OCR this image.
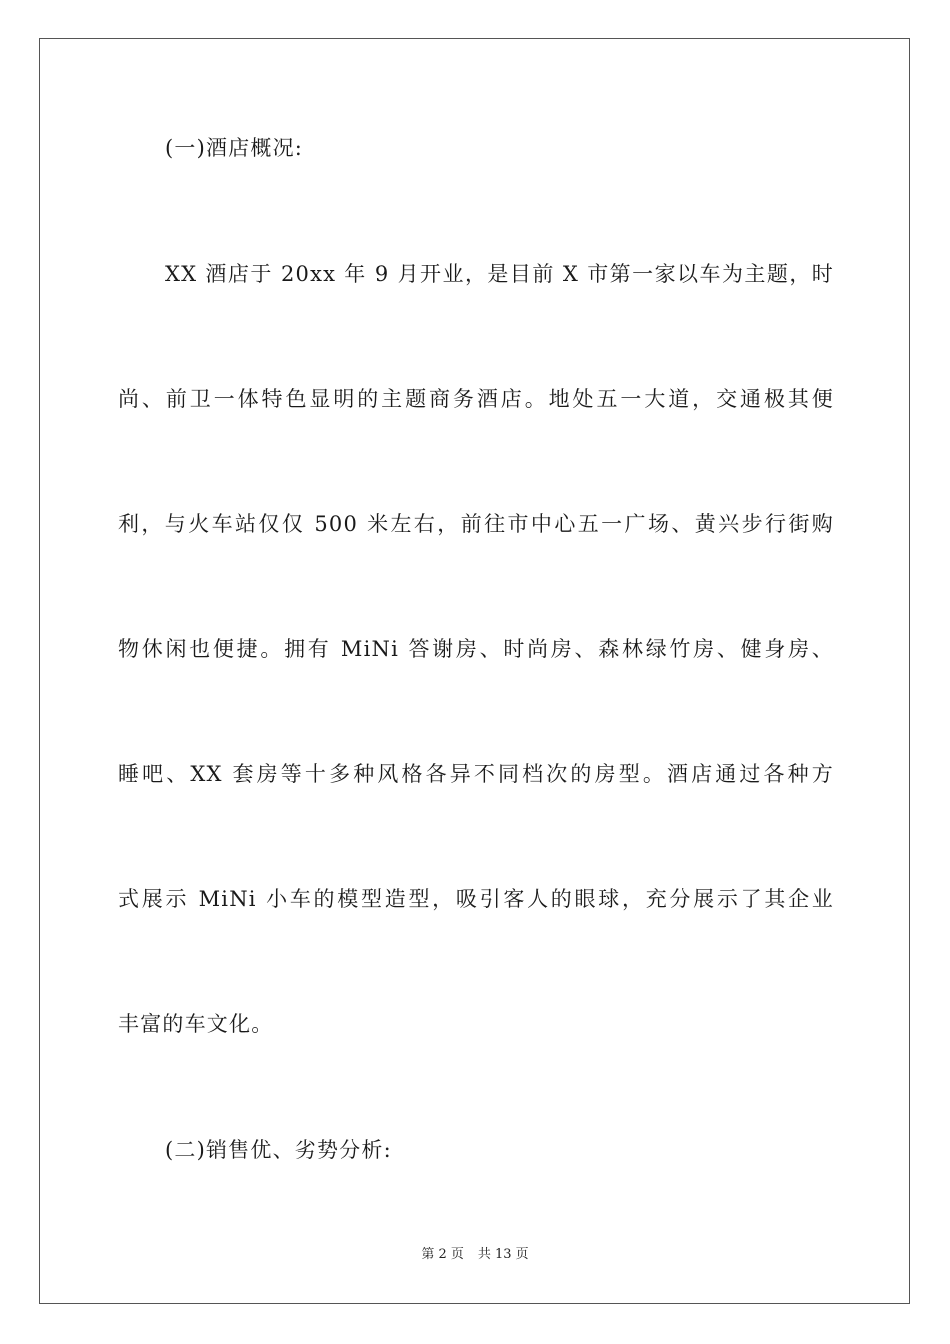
(一)酒店概况:
XX 酒店于 20xx 年 9 月开业，是目前 X 市第一家以车为主题，时
尚、前卫一体特色显明的主题商务酒店。地处五一大道，交通极其便
利，与火车站仅仅 500 米左右，前往市中心五一广场、黄兴步行街购
物休闲也便捷。拥有 MiNi 答谢房、时尚房、森林绿竹房、健身房、
睡吧、XX 套房等十多种风格各异不同档次的房型。酒店通过各种方
式展示 MiNi 小车的模型造型，吸引客人的眼球，充分展示了其企业
丰富的车文化。
(二)销售优、劣势分析:
第 2 页 共 13 页
